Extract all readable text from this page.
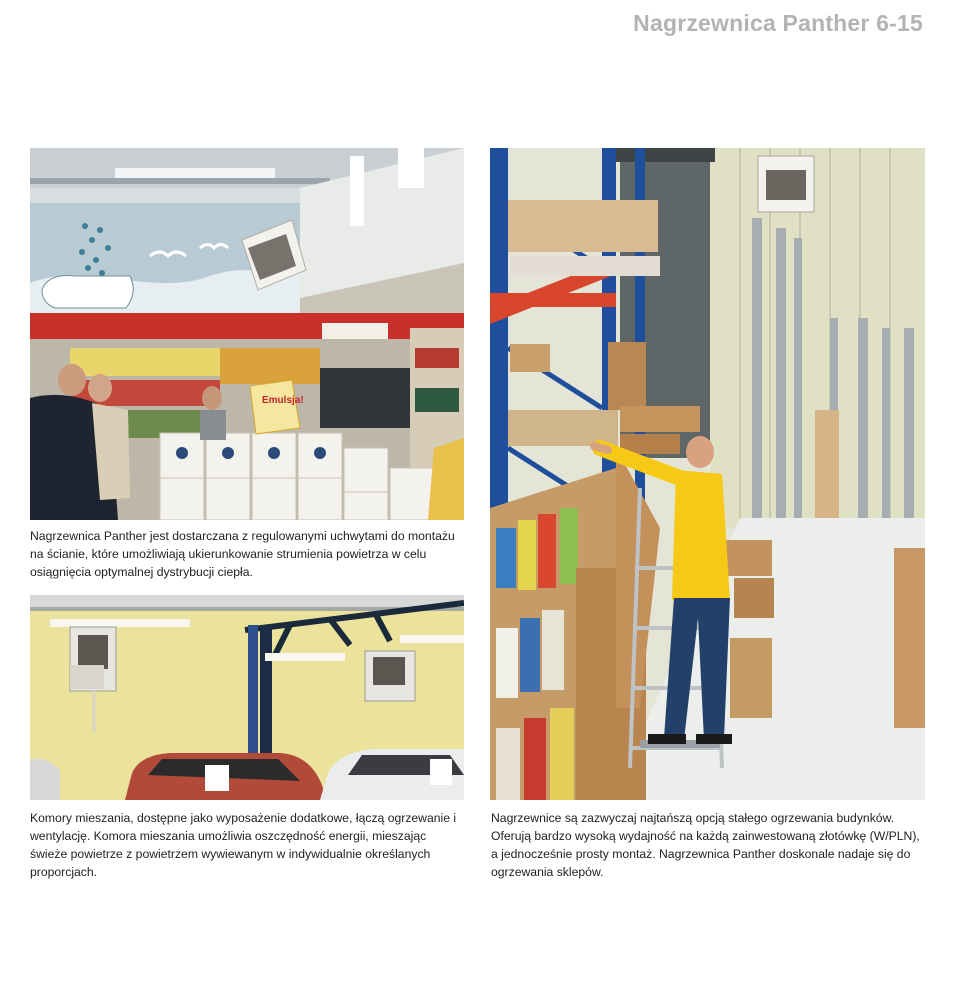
Nagrzewnica Panther 6-15
Emulsja!
Nagrzewnica Panther jest dostarczana z regulowanymi uchwytami do montażu na ścianie, które umożliwiają ukierunkowanie strumienia powietrza w celu osiągnięcia optymalnej dystrybucji ciepła.
Komory mieszania, dostępne jako wyposażenie dodatkowe, łączą ogrzewanie i wentylację. Komora mieszania umożliwia oszczędność energii, mieszając świeże powietrze z powietrzem wywiewanym w indywidualnie określanych proporcjach.
Nagrzewnice są zazwyczaj najtańszą opcją stałego ogrzewania budynków. Oferują bardzo wysoką wydajność na każdą zainwestowaną złotówkę (W/PLN), a jednocześnie prosty montaż. Nagrzewnica Panther doskonale nadaje się do ogrzewania sklepów.
